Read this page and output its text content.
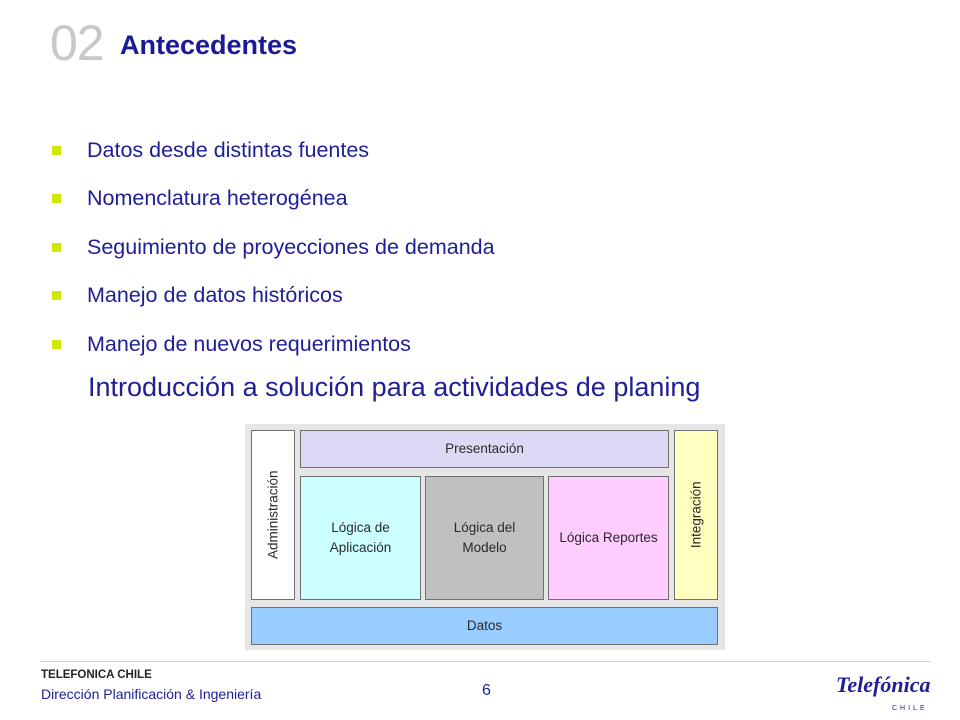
02 Antecedentes
Datos desde distintas fuentes
Nomenclatura heterogénea
Seguimiento de proyecciones de demanda
Manejo de datos históricos
Manejo de nuevos requerimientos
Introducción a solución para actividades de planing
Administración
Presentación
Integración
Lógica de
Aplicación
Lógica del
Modelo
Lógica Reportes
Datos
TELEFONICA CHILE
Dirección Planificación & Ingeniería	6	Telefónica
CHILE
